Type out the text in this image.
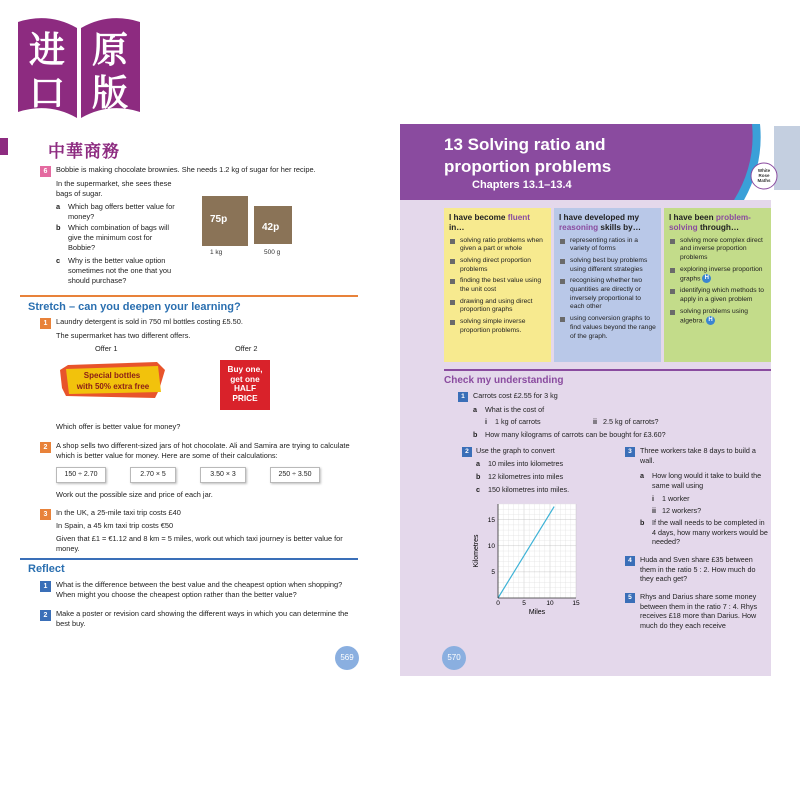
进 原
口 版
中華商務
6	Bobbie is making chocolate brownies. She needs 1.2 kg of sugar for her recipe.
In the supermarket, she sees these bags of sugar.
a Which bag offers better value for money?
b Which combination of bags will give the minimum cost for Bobbie?
c Why is the better value option sometimes not the one that you should purchase?
75p
1 kg
42p
500 g
Stretch – can you deepen your learning?
1	Laundry detergent is sold in 750 ml bottles costing £5.50.
The supermarket has two different offers.
Offer 1	Offer 2
Special bottles
with 50% extra free
Buy one,
get one
HALF
PRICE
Which offer is better value for money?
2	A shop sells two different-sized jars of hot chocolate. Ali and Samira are trying to calculate which is better value for money. Here are some of their calculations:
150 ÷ 2.70	2.70 × 5	3.50 × 3	250 ÷ 3.50
Work out the possible size and price of each jar.
3	In the UK, a 25-mile taxi trip costs £40
In Spain, a 45 km taxi trip costs €50
Given that £1 = €1.12 and 8 km = 5 miles, work out which taxi journey is better value for money.
Reflect
1	What is the difference between the best value and the cheapest option when shopping? When might you choose the cheapest option rather than the better value?
2	Make a poster or revision card showing the different ways in which you can determine the best buy.
569
13 Solving ratio and
proportion problems
Chapters 13.1–13.4
White
Rose
Maths
I have become fluent in…
solving ratio problems when given a part or whole
solving direct proportion problems
finding the best value using the unit cost
drawing and using direct proportion graphs
solving simple inverse proportion problems.
I have developed my reasoning skills by…
representing ratios in a variety of forms
solving best buy problems using different strategies
recognising whether two quantities are directly or inversely proportional to each other
using conversion graphs to find values beyond the range of the graph.
I have been problem-solving through…
solving more complex direct and inverse proportion problems
exploring inverse proportion graphs H
identifying which methods to apply in a given problem
solving problems using algebra. H
Check my understanding
1	Carrots cost £2.55 for 3 kg
a What is the cost of
i 1 kg of carrots	ii 2.5 kg of carrots?
b How many kilograms of carrots can be bought for £3.60?
2 Use the graph to convert
a 10 miles into kilometres
b 12 kilometres into miles
c 150 kilometres into miles.
0	5	10	15
5
10
15
Miles
Kilometres
3	Three workers take 8 days to build a wall.
a How long would it take to build the same wall using
i 1 worker
ii 12 workers?
b If the wall needs to be completed in 4 days, how many workers would be needed?
4	Huda and Sven share £35 between them in the ratio 5 : 2. How much do they each get?
5	Rhys and Darius share some money between them in the ratio 7 : 4. Rhys receives £18 more than Darius. How much do they each receive
570
